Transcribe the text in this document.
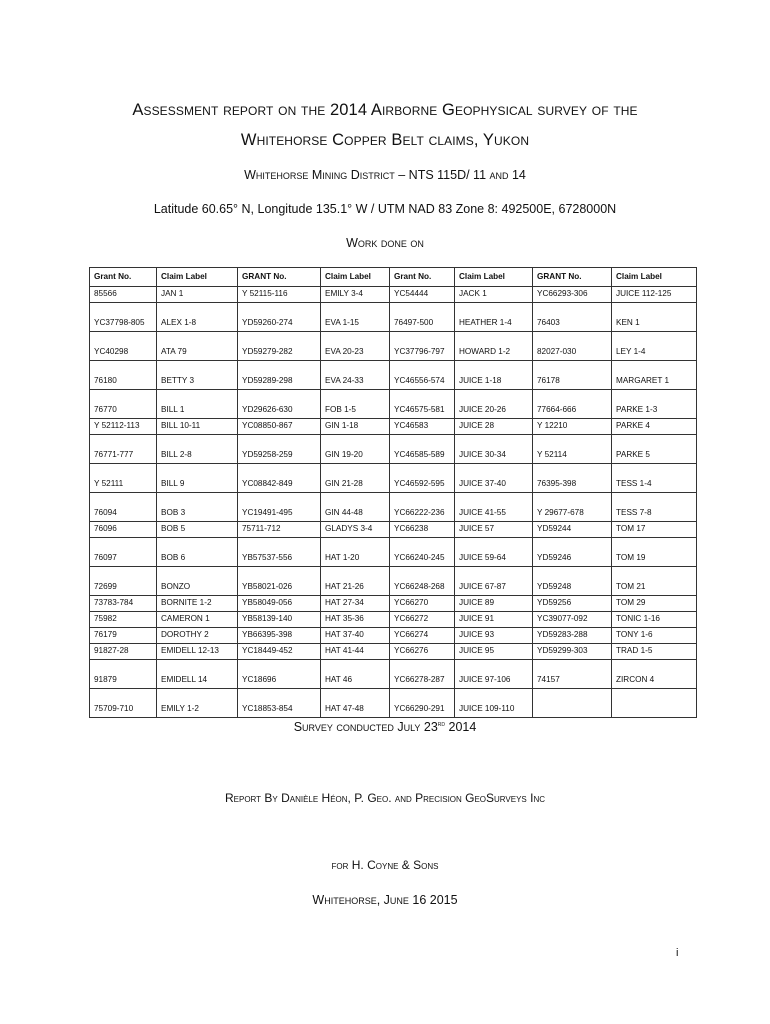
Assessment report on the 2014 Airborne Geophysical survey of the
Whitehorse Copper Belt claims, Yukon
Whitehorse Mining District – NTS 115D/ 11 and 14
Latitude 60.65° N, Longitude 135.1° W / UTM NAD 83 Zone 8: 492500E, 6728000N
Work done on
Grant No.	Claim Label	GRANT No.	Claim Label	Grant No.	Claim Label	GRANT No.	Claim Label
85566	JAN 1	Y 52115-116	EMILY 3-4	YC54444	JACK 1	YC66293-306	JUICE 112-125
YC37798-805	ALEX 1-8	YD59260-274	EVA 1-15	76497-500	HEATHER 1-4	76403	KEN 1
YC40298	ATA 79	YD59279-282	EVA 20-23	YC37796-797	HOWARD 1-2	82027-030	LEY 1-4
76180	BETTY 3	YD59289-298	EVA 24-33	YC46556-574	JUICE 1-18	76178	MARGARET 1
76770	BILL 1	YD29626-630	FOB 1-5	YC46575-581	JUICE 20-26	77664-666	PARKE 1-3
Y 52112-113	BILL 10-11	YC08850-867	GIN 1-18	YC46583	JUICE 28	Y 12210	PARKE 4
76771-777	BILL 2-8	YD59258-259	GIN 19-20	YC46585-589	JUICE 30-34	Y 52114	PARKE 5
Y 52111	BILL 9	YC08842-849	GIN 21-28	YC46592-595	JUICE 37-40	76395-398	TESS 1-4
76094	BOB 3	YC19491-495	GIN 44-48	YC66222-236	JUICE 41-55	Y 29677-678	TESS 7-8
76096	BOB 5	75711-712	GLADYS 3-4	YC66238	JUICE 57	YD59244	TOM 17
76097	BOB 6	YB57537-556	HAT 1-20	YC66240-245	JUICE 59-64	YD59246	TOM 19
72699	BONZO	YB58021-026	HAT 21-26	YC66248-268	JUICE 67-87	YD59248	TOM 21
73783-784	BORNITE 1-2	YB58049-056	HAT 27-34	YC66270	JUICE 89	YD59256	TOM 29
75982	CAMERON 1	YB58139-140	HAT 35-36	YC66272	JUICE 91	YC39077-092	TONIC 1-16
76179	DOROTHY 2	YB66395-398	HAT 37-40	YC66274	JUICE 93	YD59283-288	TONY 1-6
91827-28	EMIDELL 12-13	YC18449-452	HAT 41-44	YC66276	JUICE 95	YD59299-303	TRAD 1-5
91879	EMIDELL 14	YC18696	HAT 46	YC66278-287	JUICE 97-106	74157	ZIRCON 4
75709-710	EMILY 1-2	YC18853-854	HAT 47-48	YC66290-291	JUICE 109-110		
Survey conducted July 23rd 2014
Report By Danièle Héon, P. Geo. and Precision GeoSurveys Inc
for H. Coyne & Sons
Whitehorse, June 16 2015
i
